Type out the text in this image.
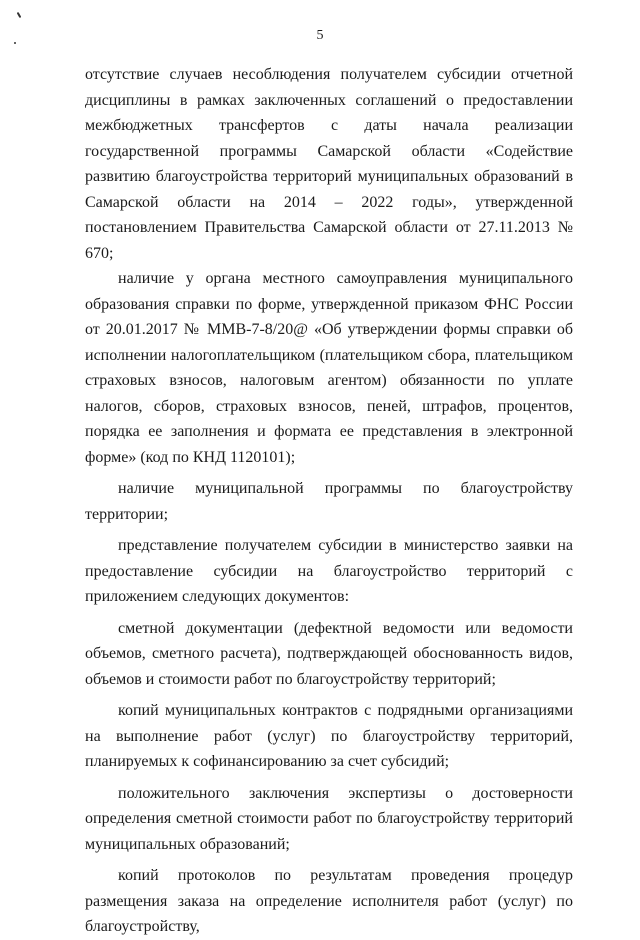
5

отсутствие случаев несоблюдения получателем субсидии отчетной дисциплины в рамках заключенных соглашений о предоставлении межбюджетных трансфертов с даты начала реализации государственной программы Самарской области «Содействие развитию благоустройства территорий муниципальных образований в Самарской области на 2014 – 2022 годы», утвержденной постановлением Правительства Самарской области от 27.11.2013 № 670;

наличие у органа местного самоуправления муниципального образования справки по форме, утвержденной приказом ФНС России от 20.01.2017 № ММВ-7-8/20@ «Об утверждении формы справки об исполнении налогоплательщиком (плательщиком сбора, плательщиком страховых взносов, налоговым агентом) обязанности по уплате налогов, сборов, страховых взносов, пеней, штрафов, процентов, порядка ее заполнения и формата ее представления в электронной форме» (код по КНД 1120101);

наличие муниципальной программы по благоустройству территории;

представление получателем субсидии в министерство заявки на предоставление субсидии на благоустройство территорий с приложением следующих документов:

сметной документации (дефектной ведомости или ведомости объемов, сметного расчета), подтверждающей обоснованность видов, объемов и стоимости работ по благоустройству территорий;

копий муниципальных контрактов с подрядными организациями на выполнение работ (услуг) по благоустройству территорий, планируемых к софинансированию за счет субсидий;

положительного заключения экспертизы о достоверности определения сметной стоимости работ по благоустройству территорий муниципальных образований;

копий протоколов по результатам проведения процедур размещения заказа на определение исполнителя работ (услуг) по благоустройству,
